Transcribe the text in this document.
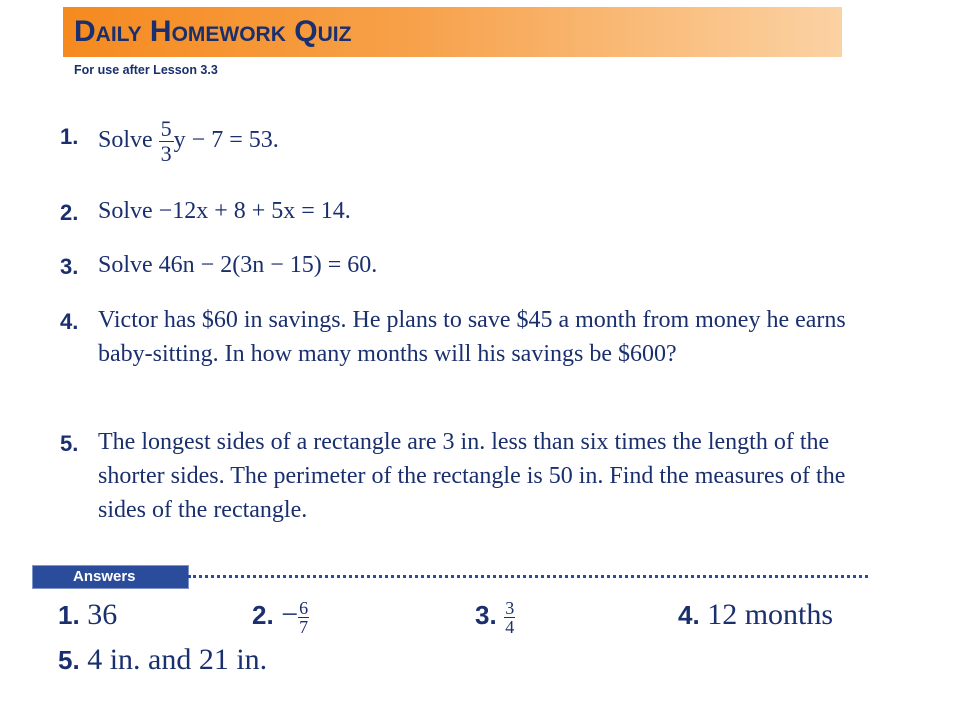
Daily Homework Quiz
For use after Lesson 3.3
1. Solve $\frac{5}{3}$ y − 7 = 53.
2. Solve −12x + 8 + 5x = 14.
3. Solve 46n − 2(3n − 15) = 60.
4. Victor has $60 in savings. He plans to save $45 a month from money he earns baby-sitting. In how many months will his savings be $600?
5. The longest sides of a rectangle are 3 in. less than six times the length of the shorter sides. The perimeter of the rectangle is 50 in. Find the measures of the sides of the rectangle.
Answers
1. 36	2. − $\frac{6}{7}$	3. $\frac{3}{4}$	4. 12 months
5. 4 in. and 21 in.
